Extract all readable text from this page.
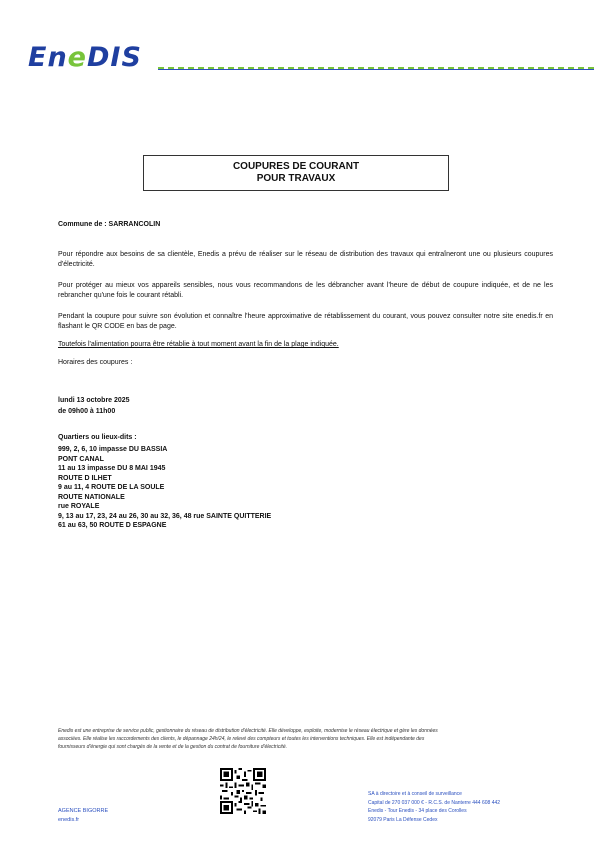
EneDIS
COUPURES DE COURANT
POUR TRAVAUX
Commune de : SARRANCOLIN
Pour répondre aux besoins de sa clientèle, Enedis a prévu de réaliser sur le réseau de distribution des travaux qui entraîneront une ou plusieurs coupures d'électricité.
Pour protéger au mieux vos appareils sensibles, nous vous recommandons de les débrancher avant l'heure de début de coupure indiquée, et de ne les rebrancher qu'une fois le courant rétabli.
Pendant la coupure pour suivre son évolution et connaître l'heure approximative de rétablissement du courant, vous pouvez consulter notre site enedis.fr en flashant le QR CODE en bas de page.
Toutefois l'alimentation pourra être rétablie à tout moment avant la fin de la plage indiquée.
Horaires des coupures :
lundi 13 octobre 2025
de 09h00 à 11h00
Quartiers ou lieux-dits :
999, 2, 6, 10 impasse DU BASSIA
PONT CANAL
11 au 13 impasse DU 8 MAI 1945
ROUTE D ILHET
9 au 11, 4 ROUTE DE LA SOULE
ROUTE NATIONALE
rue ROYALE
9, 13 au 17, 23, 24 au 26, 30 au 32, 36, 48 rue SAINTE QUITTERIE
61 au 63, 50 ROUTE D ESPAGNE
Enedis est une entreprise de service public, gestionnaire du réseau de distribution d'électricité. Elle développe, exploite, modernise le réseau électrique et gère les données
associées. Elle réalise les raccordements des clients, le dépannage 24h/24, le relevé des compteurs et toutes les interventions techniques. Elle est indépendante des
fournisseurs d'énergie qui sont chargés de la vente et de la gestion du contrat de fourniture d'électricité.
AGENCE BIGORRE
enedis.fr
SA à directoire et à conseil de surveillance
Capital de 270 037 000 € - R.C.S. de Nanterre 444 608 442
Enedis - Tour Enedis - 34 place des Corolles
92079 Paris La Défense Cedex
